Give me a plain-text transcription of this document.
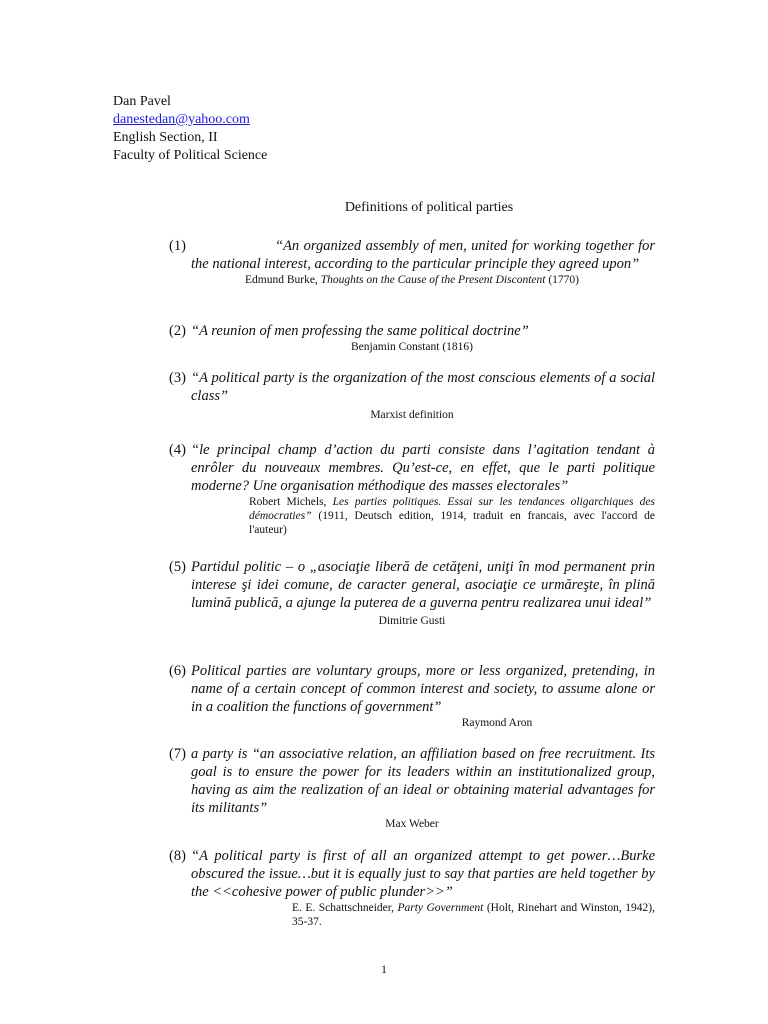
Dan Pavel
danestedan@yahoo.com
English Section, II
Faculty of Political Science
Definitions of political parties
(1)	“An organized assembly of men, united for working together for the national interest, according to the particular principle they agreed upon”
Edmund Burke, Thoughts on the Cause of the Present Discontent (1770)
(2) “A reunion of men professing the same political doctrine”
Benjamin Constant (1816)
(3) “A political party is the organization of the most conscious elements of a social class”
Marxist definition
(4) “le principal champ d’action du parti consiste dans l’agitation tendant à enrôler du nouveaux membres. Qu’est-ce, en effet, que le parti politique moderne? Une organisation méthodique des masses electorales”
Robert Michels, Les parties politiques. Essai sur les tendances oligarchiques des démocraties” (1911, Deutsch edition, 1914, traduit en francais, avec l'accord de l'auteur)
(5) Partidul politic – o „asociaţie liberă de cetăţeni, uniţi în mod permanent prin interese şi idei comune, de caracter general, asociaţie ce urmăreşte, în plină lumină publică, a ajunge la puterea de a guverna pentru realizarea unui ideal”
Dimitrie Gusti
(6) Political parties are voluntary groups, more or less organized, pretending, in name of a certain concept of common interest and society, to assume alone or in a coalition the functions of government”
Raymond Aron
(7) a party is “an associative relation, an affiliation based on free recruitment. Its goal is to ensure the power for its leaders within an institutionalized group, having as aim the realization of an ideal or obtaining material advantages for its militants”
Max Weber
(8) “A political party is first of all an organized attempt to get power…Burke obscured the issue…but it is equally just to say that parties are held together by the <<cohesive power of public plunder>>”
E. E. Schattschneider, Party Government (Holt, Rinehart and Winston, 1942), 35-37.
1
